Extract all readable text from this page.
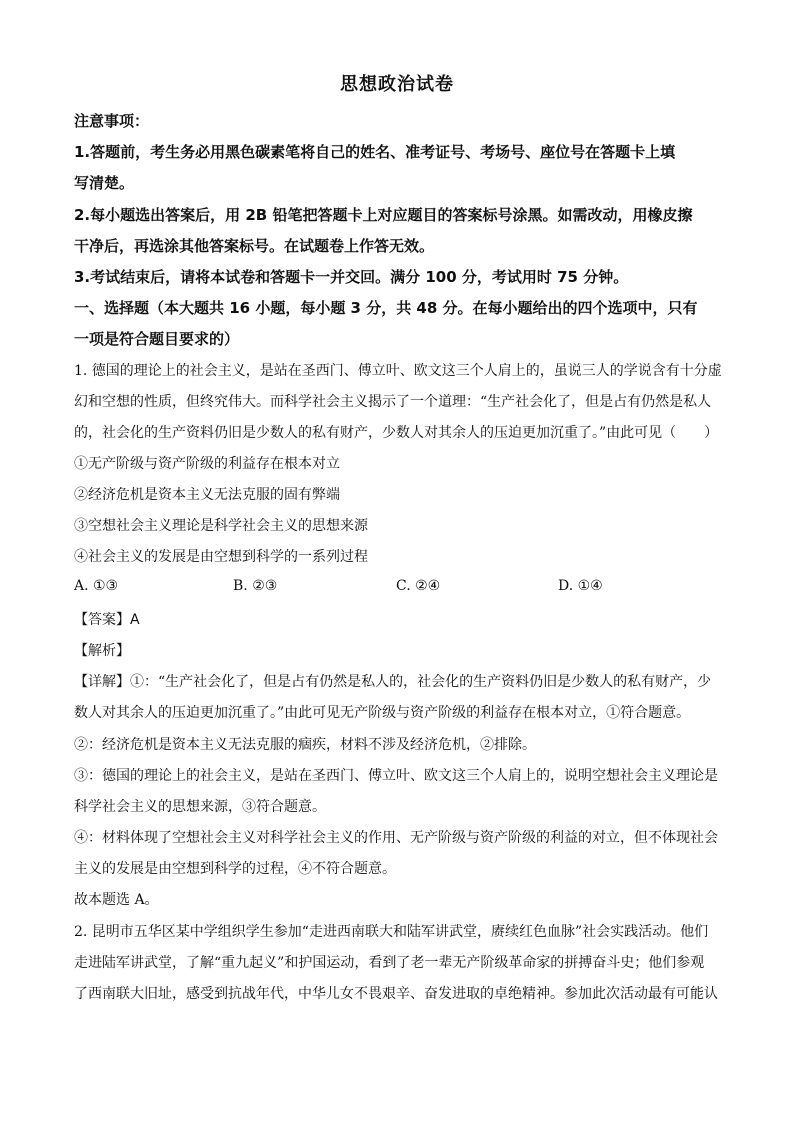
思想政治试卷
注意事项：
1.答题前，考生务必用黑色碳素笔将自己的姓名、准考证号、考场号、座位号在答题卡上填
写清楚。
2.每小题选出答案后，用 2B 铅笔把答题卡上对应题目的答案标号涂黑。如需改动，用橡皮擦
干净后，再选涂其他答案标号。在试题卷上作答无效。
3.考试结束后，请将本试卷和答题卡一并交回。满分 100 分，考试用时 75 分钟。
一、选择题（本大题共 16 小题，每小题 3 分，共 48 分。在每小题给出的四个选项中，只有
一项是符合题目要求的）
1. 德国的理论上的社会主义，是站在圣西门、傅立叶、欧文这三个人肩上的，虽说三人的学说含有十分虚
幻和空想的性质，但终究伟大。而科学社会主义揭示了一个道理：“生产社会化了，但是占有仍然是私人
的，社会化的生产资料仍旧是少数人的私有财产，少数人对其余人的压迫更加沉重了。”由此可见（　　）
①无产阶级与资产阶级的利益存在根本对立
②经济危机是资本主义无法克服的固有弊端
③空想社会主义理论是科学社会主义的思想来源
④社会主义的发展是由空想到科学的一系列过程
A. ①③	B. ②③	C. ②④	D. ①④
【答案】A
【解析】
【详解】①：“生产社会化了，但是占有仍然是私人的，社会化的生产资料仍旧是少数人的私有财产，少
数人对其余人的压迫更加沉重了。”由此可见无产阶级与资产阶级的利益存在根本对立，①符合题意。
②：经济危机是资本主义无法克服的痼疾，材料不涉及经济危机，②排除。
③：德国的理论上的社会主义，是站在圣西门、傅立叶、欧文这三个人肩上的，说明空想社会主义理论是
科学社会主义的思想来源，③符合题意。
④：材料体现了空想社会主义对科学社会主义的作用、无产阶级与资产阶级的利益的对立，但不体现社会
主义的发展是由空想到科学的过程，④不符合题意。
故本题选 A。
2. 昆明市五华区某中学组织学生参加“走进西南联大和陆军讲武堂，赓续红色血脉”社会实践活动。他们
走进陆军讲武堂，了解“重九起义”和护国运动，看到了老一辈无产阶级革命家的拼搏奋斗史；他们参观
了西南联大旧址，感受到抗战年代，中华儿女不畏艰辛、奋发进取的卓绝精神。参加此次活动最有可能认
